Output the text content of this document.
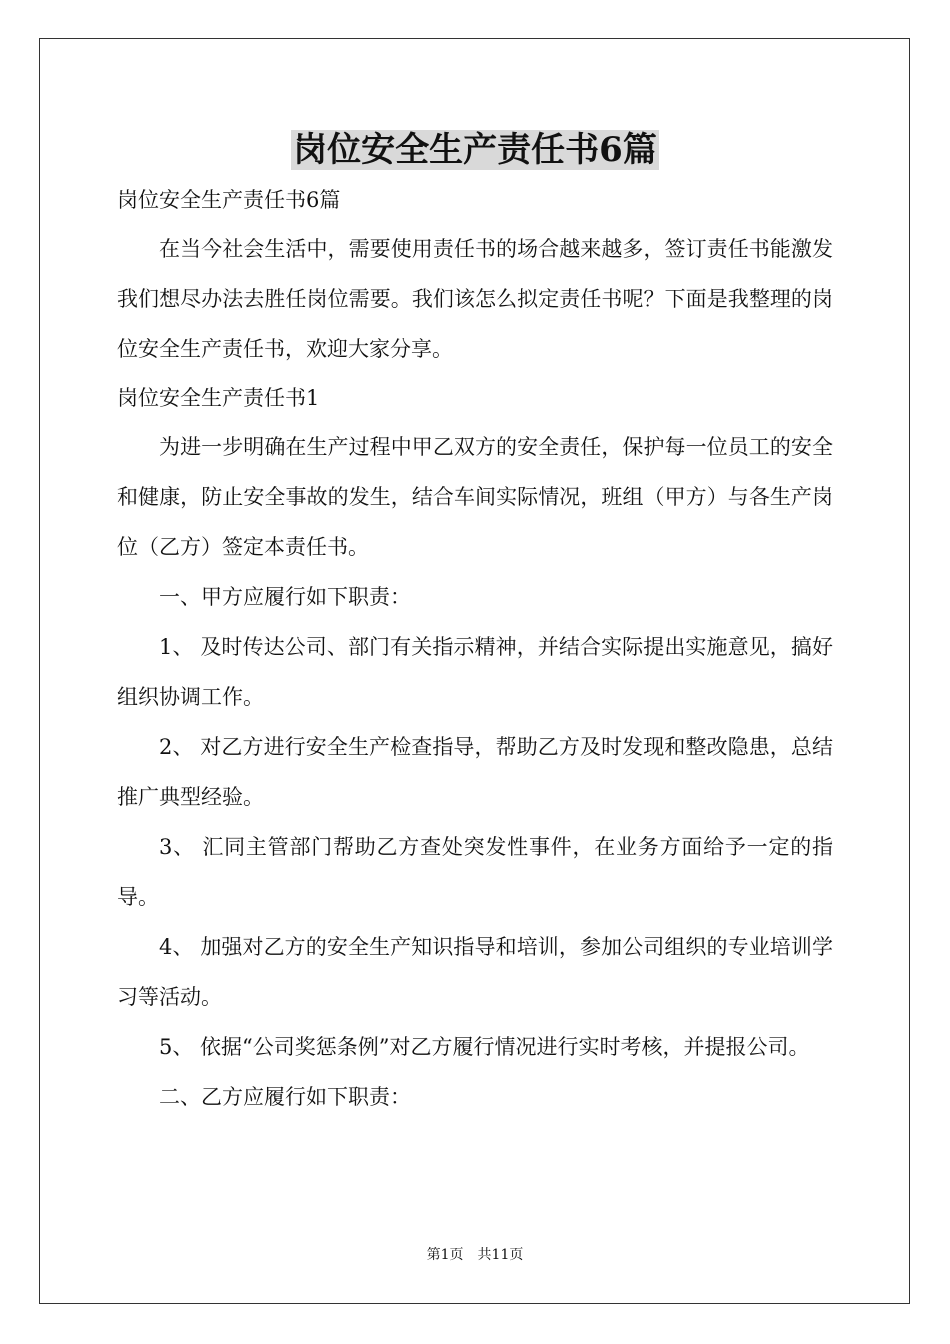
岗位安全生产责任书6篇

岗位安全生产责任书6篇

在当今社会生活中，需要使用责任书的场合越来越多，签订责任书能激发我们想尽办法去胜任岗位需要。我们该怎么拟定责任书呢？下面是我整理的岗位安全生产责任书，欢迎大家分享。

岗位安全生产责任书1

为进一步明确在生产过程中甲乙双方的安全责任，保护每一位员工的安全和健康，防止安全事故的发生，结合车间实际情况，班组（甲方）与各生产岗位（乙方）签定本责任书。

一、甲方应履行如下职责：

1、 及时传达公司、部门有关指示精神，并结合实际提出实施意见，搞好组织协调工作。

2、 对乙方进行安全生产检查指导，帮助乙方及时发现和整改隐患，总结推广典型经验。

3、 汇同主管部门帮助乙方查处突发性事件，在业务方面给予一定的指导。

4、 加强对乙方的安全生产知识指导和培训，参加公司组织的专业培训学习等活动。

5、 依据“公司奖惩条例”对乙方履行情况进行实时考核，并提报公司。

二、乙方应履行如下职责：

第1页 共11页
